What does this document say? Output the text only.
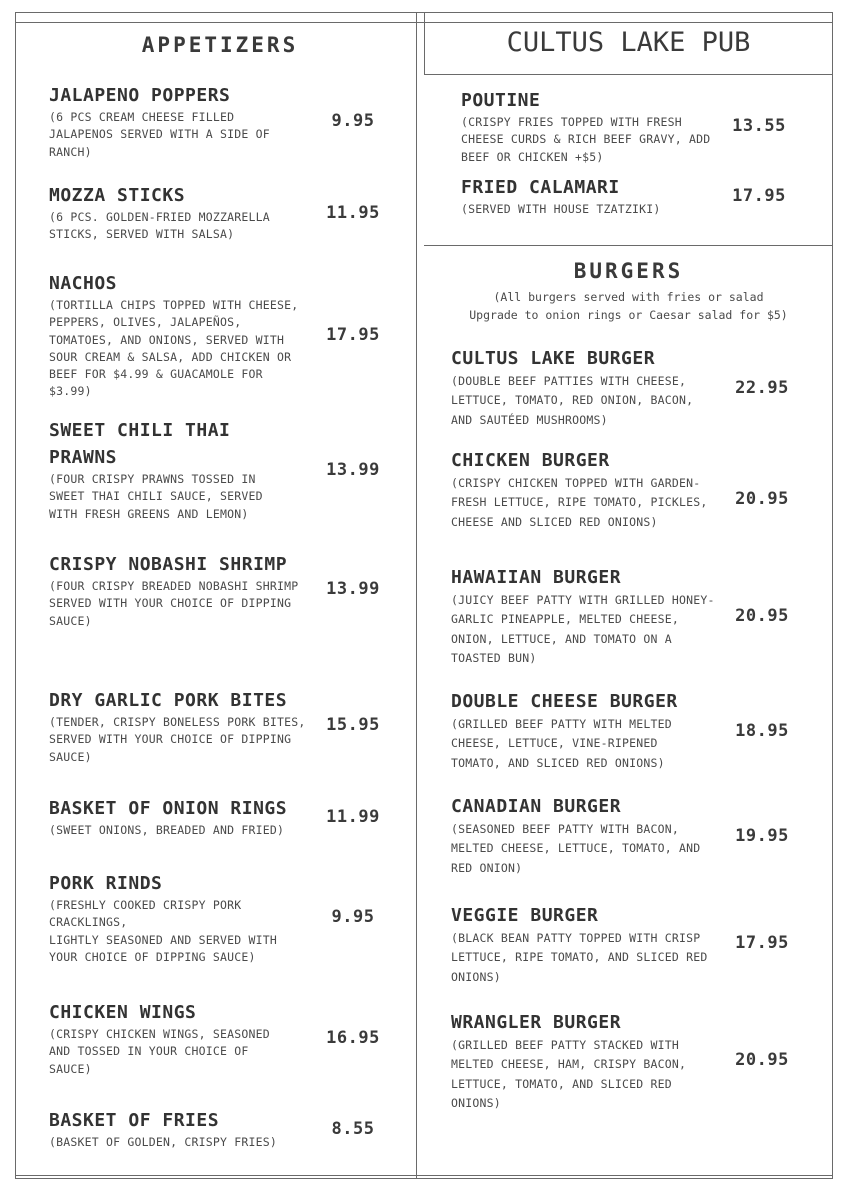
APPETIZERS
JALAPENO POPPERS
(6 PCS CREAM CHEESE FILLED JALAPENOS SERVED WITH A SIDE OF RANCH)
9.95
MOZZA STICKS
(6 PCS. GOLDEN-FRIED MOZZARELLA STICKS, SERVED WITH SALSA)
11.95
NACHOS
(TORTILLA CHIPS TOPPED WITH CHEESE, PEPPERS, OLIVES, JALAPEÑOS, TOMATOES, AND ONIONS, SERVED WITH SOUR CREAM & SALSA, ADD CHICKEN OR BEEF FOR $4.99 & GUACAMOLE FOR $3.99)
17.95
SWEET CHILI THAI PRAWNS
(FOUR CRISPY PRAWNS TOSSED IN SWEET THAI CHILI SAUCE, SERVED WITH FRESH GREENS AND LEMON)
13.99
CRISPY NOBASHI SHRIMP
(FOUR CRISPY BREADED NOBASHI SHRIMP SERVED WITH YOUR CHOICE OF DIPPING SAUCE)
13.99
DRY GARLIC PORK BITES
(TENDER, CRISPY BONELESS PORK BITES, SERVED WITH YOUR CHOICE OF DIPPING SAUCE)
15.95
BASKET OF ONION RINGS
(SWEET ONIONS, BREADED AND FRIED)
11.99
PORK RINDS
(FRESHLY COOKED CRISPY PORK CRACKLINGS,
LIGHTLY SEASONED AND SERVED WITH YOUR CHOICE OF DIPPING SAUCE)
9.95
CHICKEN WINGS
(CRISPY CHICKEN WINGS, SEASONED AND TOSSED IN YOUR CHOICE OF SAUCE)
16.95
BASKET OF FRIES
(BASKET OF GOLDEN, CRISPY FRIES)
8.55
CULTUS LAKE PUB
POUTINE
(CRISPY FRIES TOPPED WITH FRESH CHEESE CURDS & RICH BEEF GRAVY, ADD BEEF OR CHICKEN +$5)
13.55
FRIED CALAMARI
(SERVED WITH HOUSE TZATZIKI)
17.95
BURGERS
(All burgers served with fries or salad
Upgrade to onion rings or Caesar salad for $5)
CULTUS LAKE BURGER
(DOUBLE BEEF PATTIES WITH CHEESE, LETTUCE, TOMATO, RED ONION, BACON, AND SAUTÉED MUSHROOMS)
22.95
CHICKEN BURGER
(CRISPY CHICKEN TOPPED WITH GARDEN-FRESH LETTUCE, RIPE TOMATO, PICKLES, CHEESE AND SLICED RED ONIONS)
20.95
HAWAIIAN BURGER
(JUICY BEEF PATTY WITH GRILLED HONEY-GARLIC PINEAPPLE, MELTED CHEESE, ONION, LETTUCE, AND TOMATO ON A TOASTED BUN)
20.95
DOUBLE CHEESE BURGER
(GRILLED BEEF PATTY WITH MELTED CHEESE, LETTUCE, VINE-RIPENED TOMATO, AND SLICED RED ONIONS)
18.95
CANADIAN BURGER
(SEASONED BEEF PATTY WITH BACON, MELTED CHEESE, LETTUCE, TOMATO, AND RED ONION)
19.95
VEGGIE BURGER
(BLACK BEAN PATTY TOPPED WITH CRISP LETTUCE, RIPE TOMATO, AND SLICED RED ONIONS)
17.95
WRANGLER BURGER
(GRILLED BEEF PATTY STACKED WITH MELTED CHEESE, HAM, CRISPY BACON, LETTUCE, TOMATO, AND SLICED RED ONIONS)
20.95
